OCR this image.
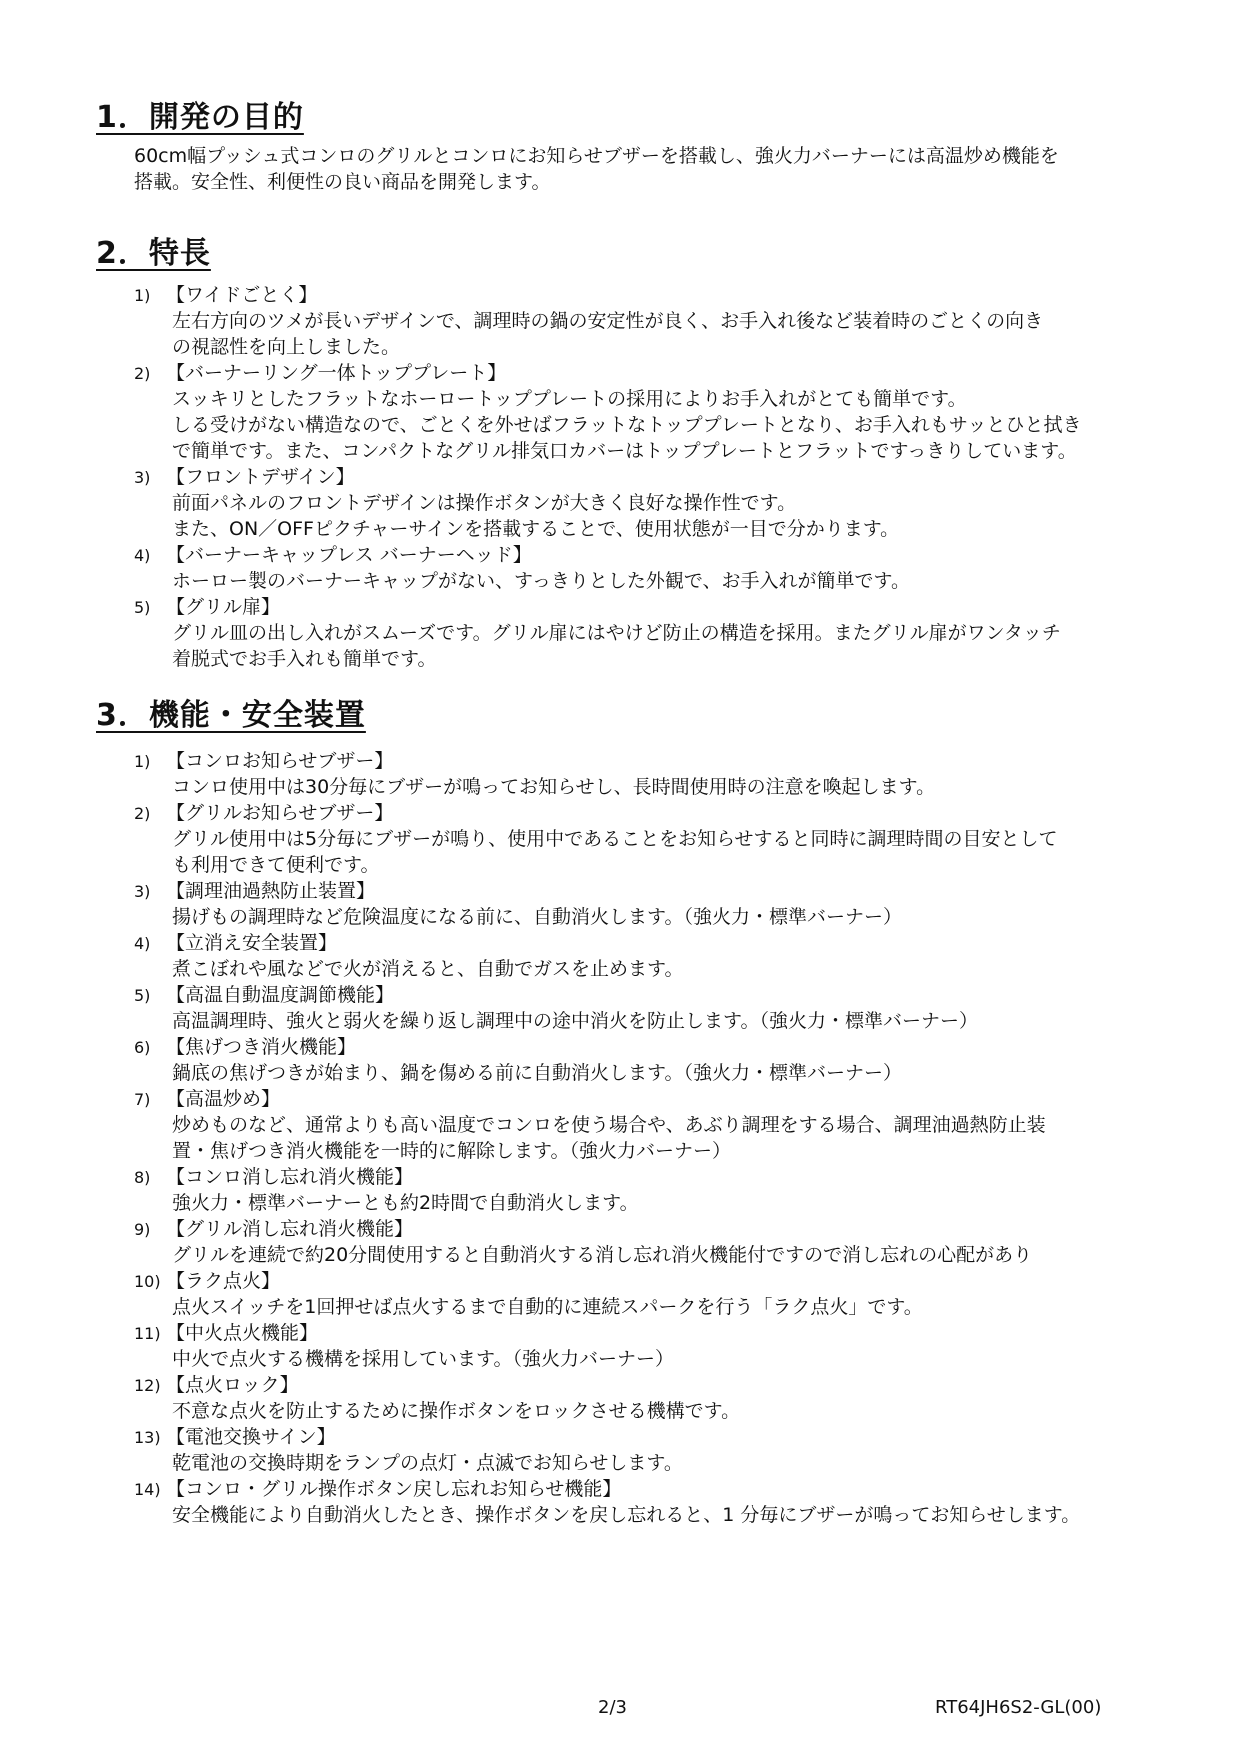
1．開発の目的
60cm幅プッシュ式コンロのグリルとコンロにお知らせブザーを搭載し、強火力バーナーには高温炒め機能を
搭載。安全性、利便性の良い商品を開発します。
2．特長
1) 【ワイドごとく】
左右方向のツメが長いデザインで、調理時の鍋の安定性が良く、お手入れ後など装着時のごとくの向き
の視認性を向上しました。
2) 【バーナーリング一体トッププレート】
スッキリとしたフラットなホーロートッププレートの採用によりお手入れがとても簡単です。
しる受けがない構造なので、ごとくを外せばフラットなトッププレートとなり、お手入れもサッとひと拭き
で簡単です。また、コンパクトなグリル排気口カバーはトッププレートとフラットですっきりしています。
3) 【フロントデザイン】
前面パネルのフロントデザインは操作ボタンが大きく良好な操作性です。
また、ON／OFFピクチャーサインを搭載することで、使用状態が一目で分かります。
4) 【バーナーキャップレス バーナーヘッド】
ホーロー製のバーナーキャップがない、すっきりとした外観で、お手入れが簡単です。
5) 【グリル扉】
グリル皿の出し入れがスムーズです。グリル扉にはやけど防止の構造を採用。またグリル扉がワンタッチ
着脱式でお手入れも簡単です。
3．機能・安全装置
1) 【コンロお知らせブザー】
コンロ使用中は30分毎にブザーが鳴ってお知らせし、長時間使用時の注意を喚起します。
2) 【グリルお知らせブザー】
グリル使用中は5分毎にブザーが鳴り、使用中であることをお知らせすると同時に調理時間の目安として
も利用できて便利です。
3) 【調理油過熱防止装置】
揚げもの調理時など危険温度になる前に、自動消火します。（強火力・標準バーナー）
4) 【立消え安全装置】
煮こぼれや風などで火が消えると、自動でガスを止めます。
5) 【高温自動温度調節機能】
高温調理時、強火と弱火を繰り返し調理中の途中消火を防止します。（強火力・標準バーナー）
6) 【焦げつき消火機能】
鍋底の焦げつきが始まり、鍋を傷める前に自動消火します。（強火力・標準バーナー）
7) 【高温炒め】
炒めものなど、通常よりも高い温度でコンロを使う場合や、あぶり調理をする場合、調理油過熱防止装
置・焦げつき消火機能を一時的に解除します。（強火力バーナー）
8) 【コンロ消し忘れ消火機能】
強火力・標準バーナーとも約2時間で自動消火します。
9) 【グリル消し忘れ消火機能】
グリルを連続で約20分間使用すると自動消火する消し忘れ消火機能付ですので消し忘れの心配があり
10) 【ラク点火】
点火スイッチを1回押せば点火するまで自動的に連続スパークを行う「ラク点火」です。
11) 【中火点火機能】
中火で点火する機構を採用しています。（強火力バーナー）
12) 【点火ロック】
不意な点火を防止するために操作ボタンをロックさせる機構です。
13) 【電池交換サイン】
乾電池の交換時期をランプの点灯・点滅でお知らせします。
14) 【コンロ・グリル操作ボタン戻し忘れお知らせ機能】
安全機能により自動消火したとき、操作ボタンを戻し忘れると、1 分毎にブザーが鳴ってお知らせします。
2/3	RT64JH6S2-GL(00)
